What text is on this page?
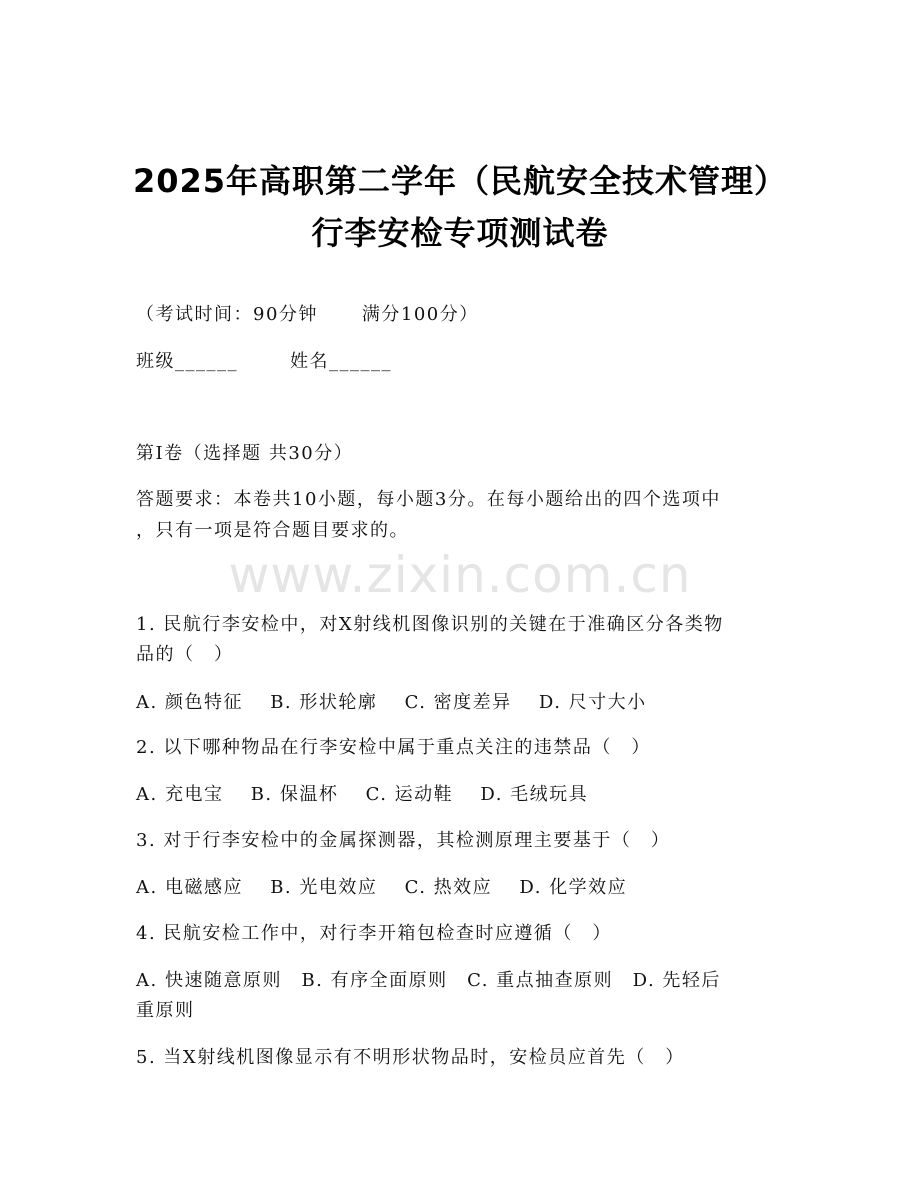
2025年高职第二学年（民航安全技术管理）
行李安检专项测试卷
（考试时间：90分钟 满分100分）
班级______	姓名______
第I卷（选择题 共30分）
答题要求：本卷共10小题，每小题3分。在每小题给出的四个选项中
，只有一项是符合题目要求的。
www.zixin.com.cn
1. 民航行李安检中，对X射线机图像识别的关键在于准确区分各类物
品的（　）
A. 颜色特征 B. 形状轮廓 C. 密度差异 D. 尺寸大小
2. 以下哪种物品在行李安检中属于重点关注的违禁品（　）
A. 充电宝 B. 保温杯 C. 运动鞋 D. 毛绒玩具
3. 对于行李安检中的金属探测器，其检测原理主要基于（　）
A. 电磁感应 B. 光电效应 C. 热效应 D. 化学效应
4. 民航安检工作中，对行李开箱包检查时应遵循（　）
A. 快速随意原则　B. 有序全面原则　C. 重点抽查原则　D. 先轻后
重原则
5. 当X射线机图像显示有不明形状物品时，安检员应首先（　）
